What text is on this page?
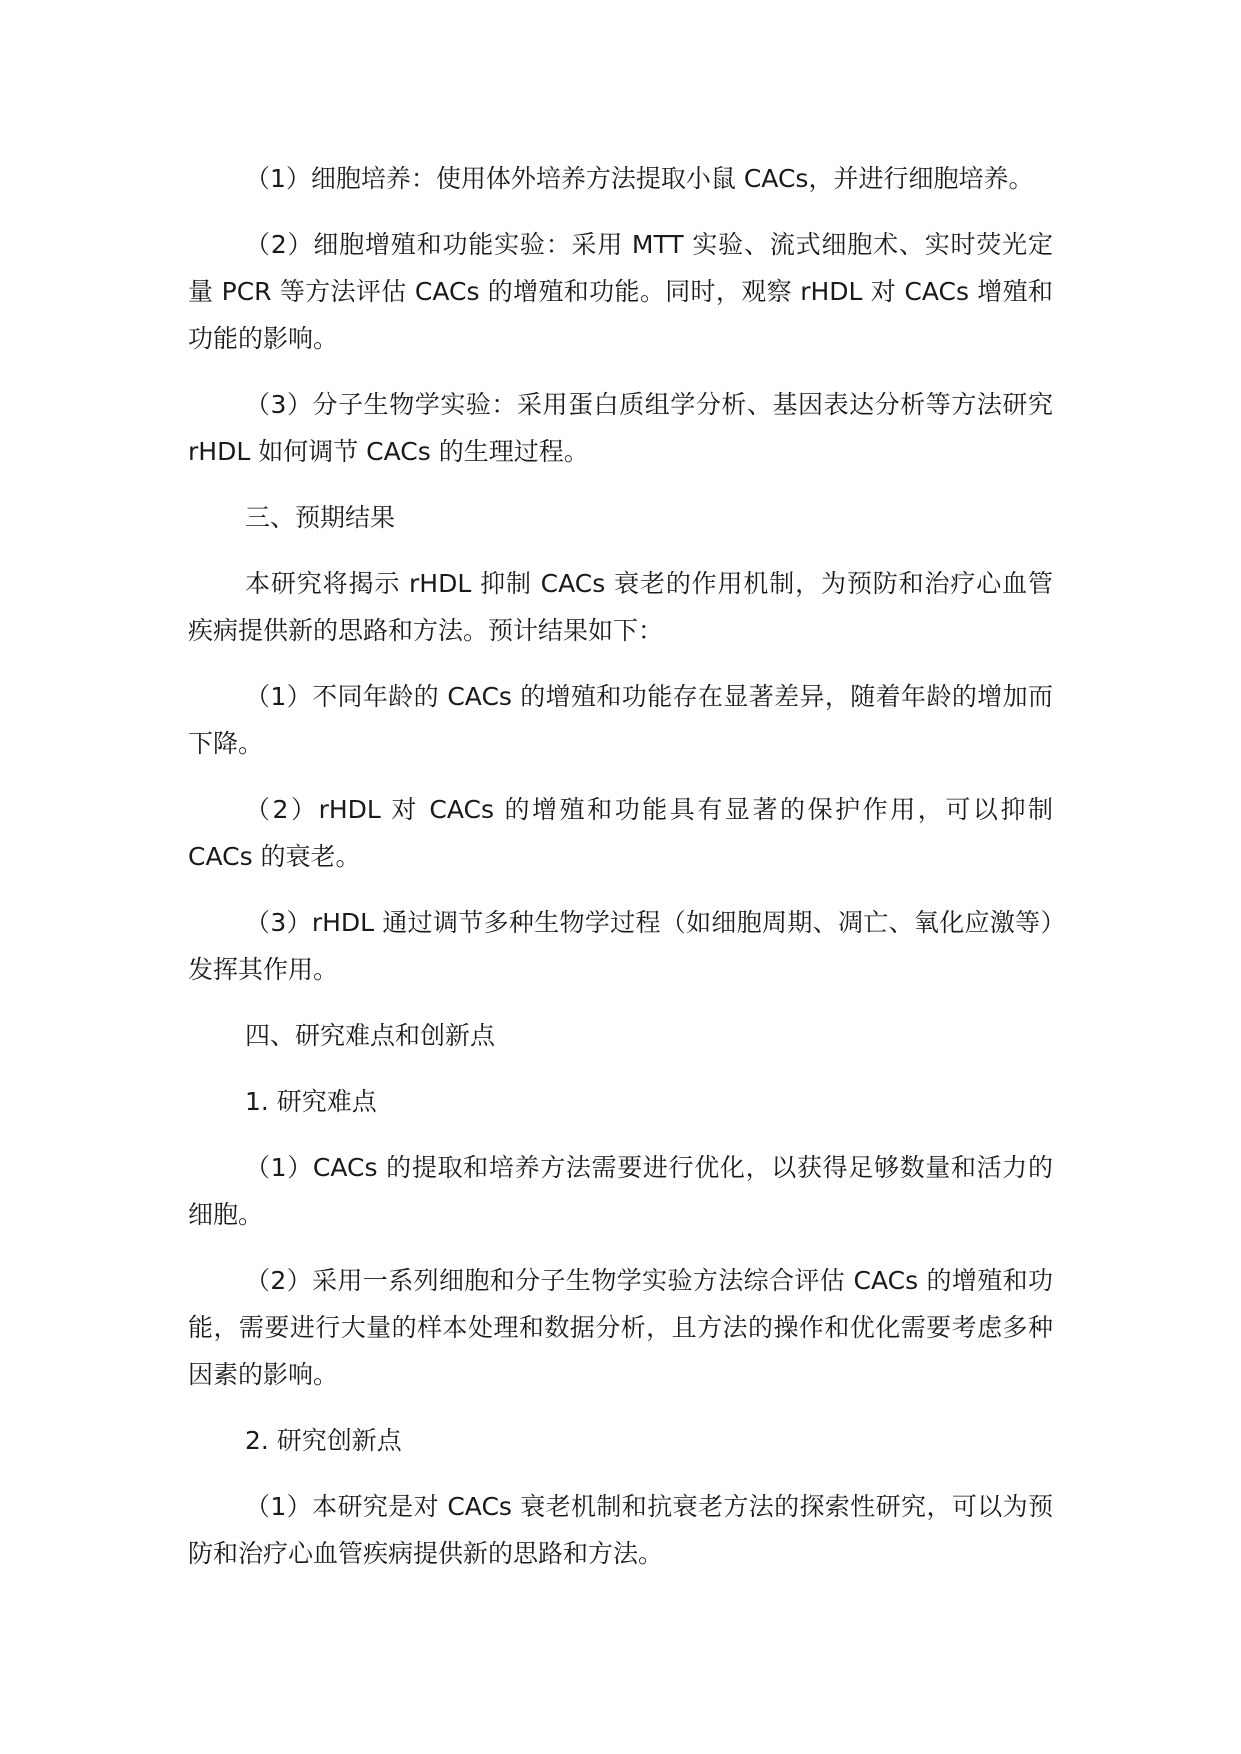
（1）细胞培养：使用体外培养方法提取小鼠 CACs，并进行细胞培养。

（2）细胞增殖和功能实验：采用 MTT 实验、流式细胞术、实时荧光定量 PCR 等方法评估 CACs 的增殖和功能。同时，观察 rHDL 对 CACs 增殖和功能的影响。

（3）分子生物学实验：采用蛋白质组学分析、基因表达分析等方法研究 rHDL 如何调节 CACs 的生理过程。

三、预期结果

本研究将揭示 rHDL 抑制 CACs 衰老的作用机制，为预防和治疗心血管疾病提供新的思路和方法。预计结果如下：

（1）不同年龄的 CACs 的增殖和功能存在显著差异，随着年龄的增加而下降。

（2）rHDL 对 CACs 的增殖和功能具有显著的保护作用，可以抑制 CACs 的衰老。

（3）rHDL 通过调节多种生物学过程（如细胞周期、凋亡、氧化应激等）发挥其作用。

四、研究难点和创新点

1. 研究难点

（1）CACs 的提取和培养方法需要进行优化，以获得足够数量和活力的细胞。

（2）采用一系列细胞和分子生物学实验方法综合评估 CACs 的增殖和功能，需要进行大量的样本处理和数据分析，且方法的操作和优化需要考虑多种因素的影响。

2. 研究创新点

（1）本研究是对 CACs 衰老机制和抗衰老方法的探索性研究，可以为预防和治疗心血管疾病提供新的思路和方法。
